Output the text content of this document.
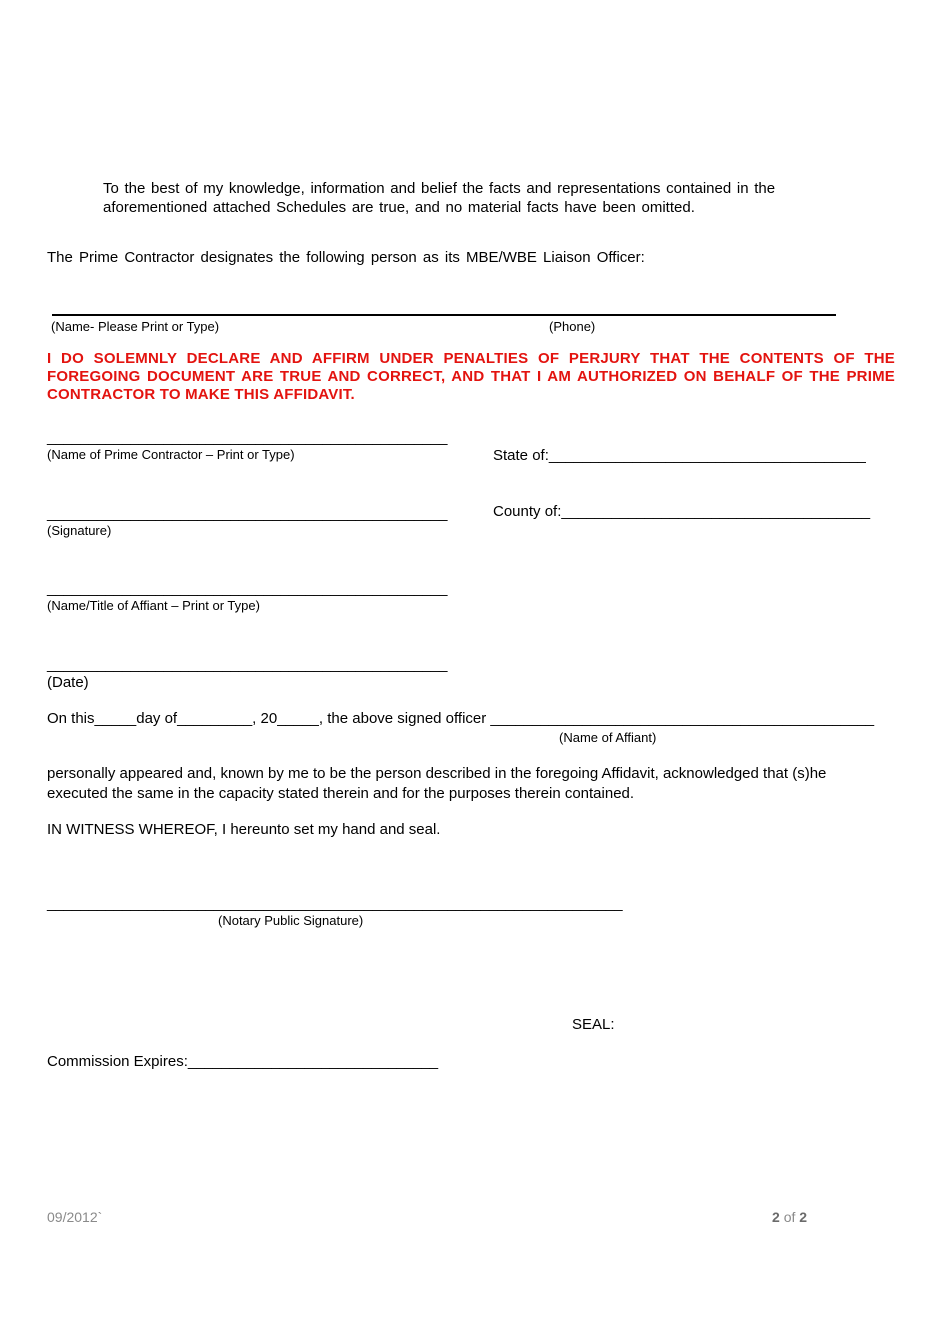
To the best of my knowledge, information and belief the facts and representations contained in the
aforementioned attached Schedules are true, and no material facts have been omitted.
The Prime Contractor designates the following person as its MBE/WBE Liaison Officer:
(Name- Please Print or Type)	(Phone)
I DO SOLEMNLY DECLARE AND AFFIRM UNDER PENALTIES OF PERJURY THAT THE CONTENTS OF THE FOREGOING DOCUMENT ARE TRUE AND CORRECT, AND THAT I AM AUTHORIZED ON BEHALF OF THE PRIME CONTRACTOR TO MAKE THIS AFFIDAVIT.
________________________________________________
(Name of Prime Contractor – Print or Type)
________________________________________________
(Signature)
________________________________________________
(Name/Title of Affiant – Print or Type)
________________________________________________
(Date)
State of:______________________________________
County of:_____________________________________
On this_____day of_________, 20_____, the above signed officer ______________________________________________
(Name of Affiant)
personally appeared and, known by me to be the person described in the foregoing Affidavit, acknowledged that (s)he
executed the same in the capacity stated therein and for the purposes therein contained.
IN WITNESS WHEREOF, I hereunto set my hand and seal.
_____________________________________________________________________
(Notary Public Signature)
SEAL:
Commission Expires:______________________________
09/2012`	2 of 2
